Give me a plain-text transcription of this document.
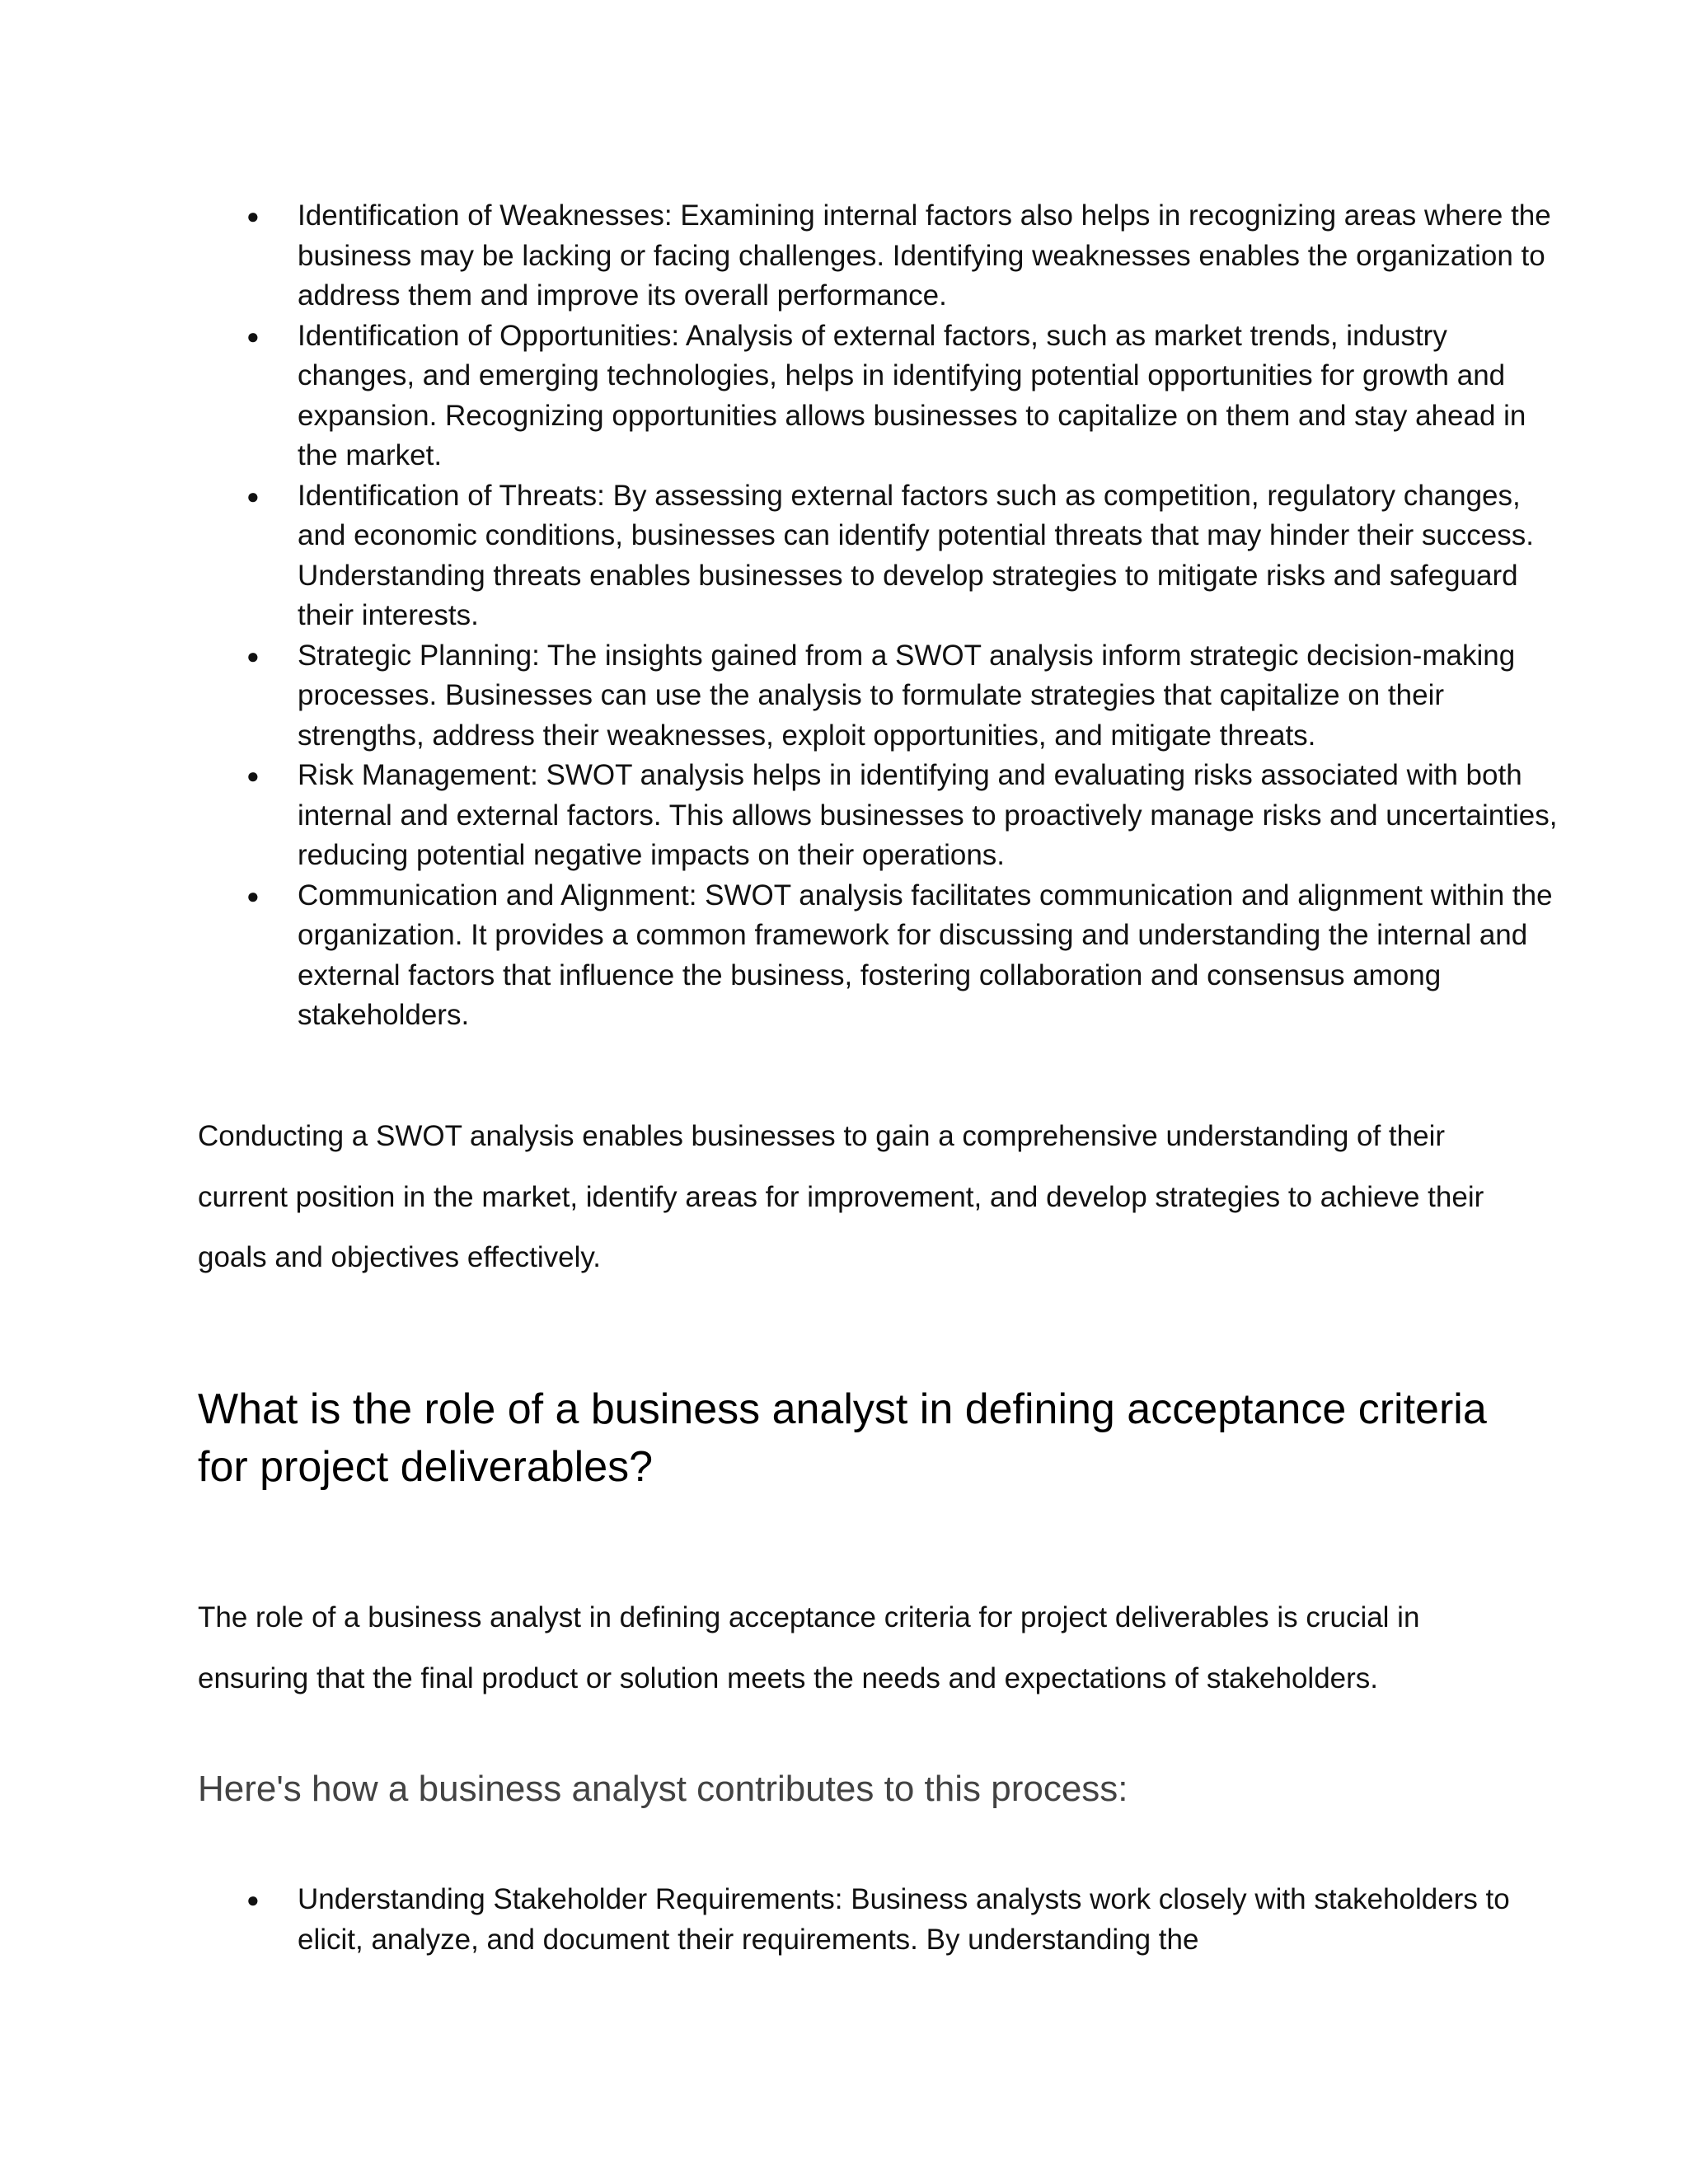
● Identification of Weaknesses: Examining internal factors also helps in recognizing areas where the business may be lacking or facing challenges. Identifying weaknesses enables the organization to address them and improve its overall performance.
● Identification of Opportunities: Analysis of external factors, such as market trends, industry changes, and emerging technologies, helps in identifying potential opportunities for growth and expansion. Recognizing opportunities allows businesses to capitalize on them and stay ahead in the market.
● Identification of Threats: By assessing external factors such as competition, regulatory changes, and economic conditions, businesses can identify potential threats that may hinder their success. Understanding threats enables businesses to develop strategies to mitigate risks and safeguard their interests.
● Strategic Planning: The insights gained from a SWOT analysis inform strategic decision-making processes. Businesses can use the analysis to formulate strategies that capitalize on their strengths, address their weaknesses, exploit opportunities, and mitigate threats.
● Risk Management: SWOT analysis helps in identifying and evaluating risks associated with both internal and external factors. This allows businesses to proactively manage risks and uncertainties, reducing potential negative impacts on their operations.
● Communication and Alignment: SWOT analysis facilitates communication and alignment within the organization. It provides a common framework for discussing and understanding the internal and external factors that influence the business, fostering collaboration and consensus among stakeholders.

Conducting a SWOT analysis enables businesses to gain a comprehensive understanding of their current position in the market, identify areas for improvement, and develop strategies to achieve their goals and objectives effectively.

What is the role of a business analyst in defining acceptance criteria for project deliverables?

The role of a business analyst in defining acceptance criteria for project deliverables is crucial in ensuring that the final product or solution meets the needs and expectations of stakeholders.

Here's how a business analyst contributes to this process:
● Understanding Stakeholder Requirements: Business analysts work closely with stakeholders to elicit, analyze, and document their requirements. By understanding the
